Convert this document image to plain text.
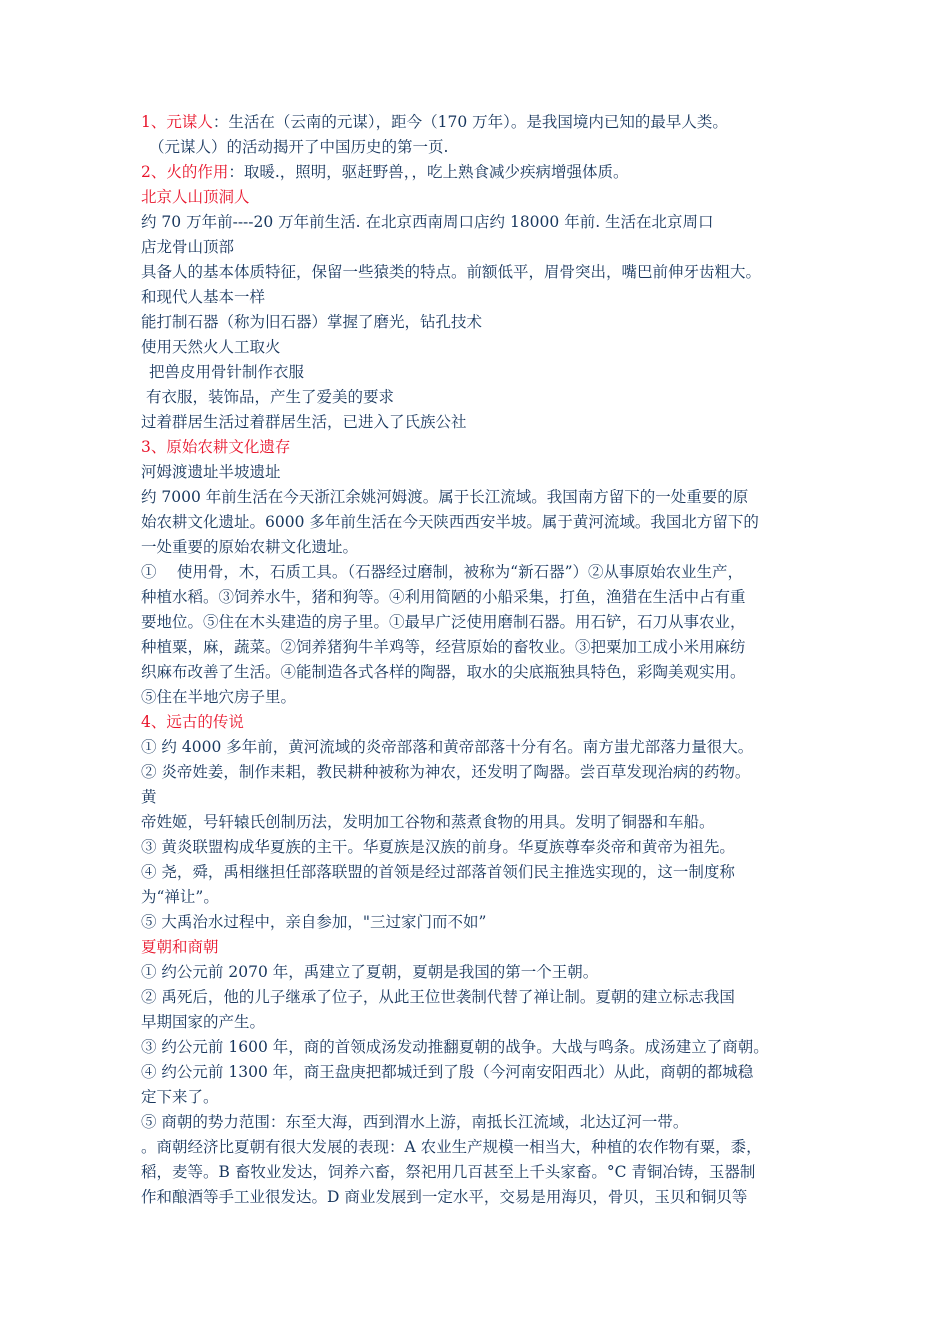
1、元谋人：生活在（云南的元谋），距今（170 万年）。是我国境内已知的最早人类。
（元谋人）的活动揭开了中国历史的第一页.
2、火的作用：取暖.，照明，驱赶野兽，，吃上熟食减少疾病增强体质。
北京人山顶洞人
约 70 万年前----20 万年前生活. 在北京西南周口店约 18000 年前. 生活在北京周口
店龙骨山顶部
具备人的基本体质特征，保留一些猿类的特点。前额低平，眉骨突出，嘴巴前伸牙齿粗大。
和现代人基本一样
能打制石器（称为旧石器）掌握了磨光，钻孔技术
使用天然火人工取火
把兽皮用骨针制作衣服
有衣服，装饰品，产生了爱美的要求
过着群居生活过着群居生活，已进入了氏族公社
3、原始农耕文化遗存
河姆渡遗址半坡遗址
约 7000 年前生活在今天浙江余姚河姆渡。属于长江流域。我国南方留下的一处重要的原
始农耕文化遗址。6000 多年前生活在今天陕西西安半坡。属于黄河流域。我国北方留下的
一处重要的原始农耕文化遗址。
①　 使用骨，木，石质工具。（石器经过磨制，被称为“新石器”）②从事原始农业生产，
种植水稻。③饲养水牛，猪和狗等。④利用简陋的小船采集，打鱼，渔猎在生活中占有重
要地位。⑤住在木头建造的房子里。①最早广泛使用磨制石器。用石铲，石刀从事农业，
种植粟，麻，蔬菜。②饲养猪狗牛羊鸡等，经营原始的畜牧业。③把粟加工成小米用麻纺
织麻布改善了生活。④能制造各式各样的陶器，取水的尖底瓶独具特色，彩陶美观实用。
⑤住在半地穴房子里。
4、远古的传说
① 约 4000 多年前，黄河流域的炎帝部落和黄帝部落十分有名。南方蚩尤部落力量很大。
② 炎帝姓姜，制作耒耜，教民耕种被称为神农，还发明了陶器。尝百草发现治病的药物。
黄
帝姓姬，号轩辕氏创制历法，发明加工谷物和蒸煮食物的用具。发明了铜器和车船。
③ 黄炎联盟构成华夏族的主干。华夏族是汉族的前身。华夏族尊奉炎帝和黄帝为祖先。
④ 尧，舜，禹相继担任部落联盟的首领是经过部落首领们民主推选实现的，这一制度称
为“禅让”。
⑤ 大禹治水过程中，亲自参加，"三过家门而不如”
夏朝和商朝
① 约公元前 2070 年，禹建立了夏朝，夏朝是我国的第一个王朝。
② 禹死后，他的儿子继承了位子，从此王位世袭制代替了禅让制。夏朝的建立标志我国
早期国家的产生。
③ 约公元前 1600 年，商的首领成汤发动推翻夏朝的战争。大战与鸣条。成汤建立了商朝。
④ 约公元前 1300 年，商王盘庚把都城迁到了殷（今河南安阳西北）从此，商朝的都城稳
定下来了。
⑤ 商朝的势力范围：东至大海，西到渭水上游，南抵长江流域，北达辽河一带。
。商朝经济比夏朝有很大发展的表现：A 农业生产规模一相当大，种植的农作物有粟，黍，
稻，麦等。B 畜牧业发达，饲养六畜，祭祀用几百甚至上千头家畜。°C 青铜冶铸，玉器制
作和酿酒等手工业很发达。D 商业发展到一定水平，交易是用海贝，骨贝，玉贝和铜贝等
